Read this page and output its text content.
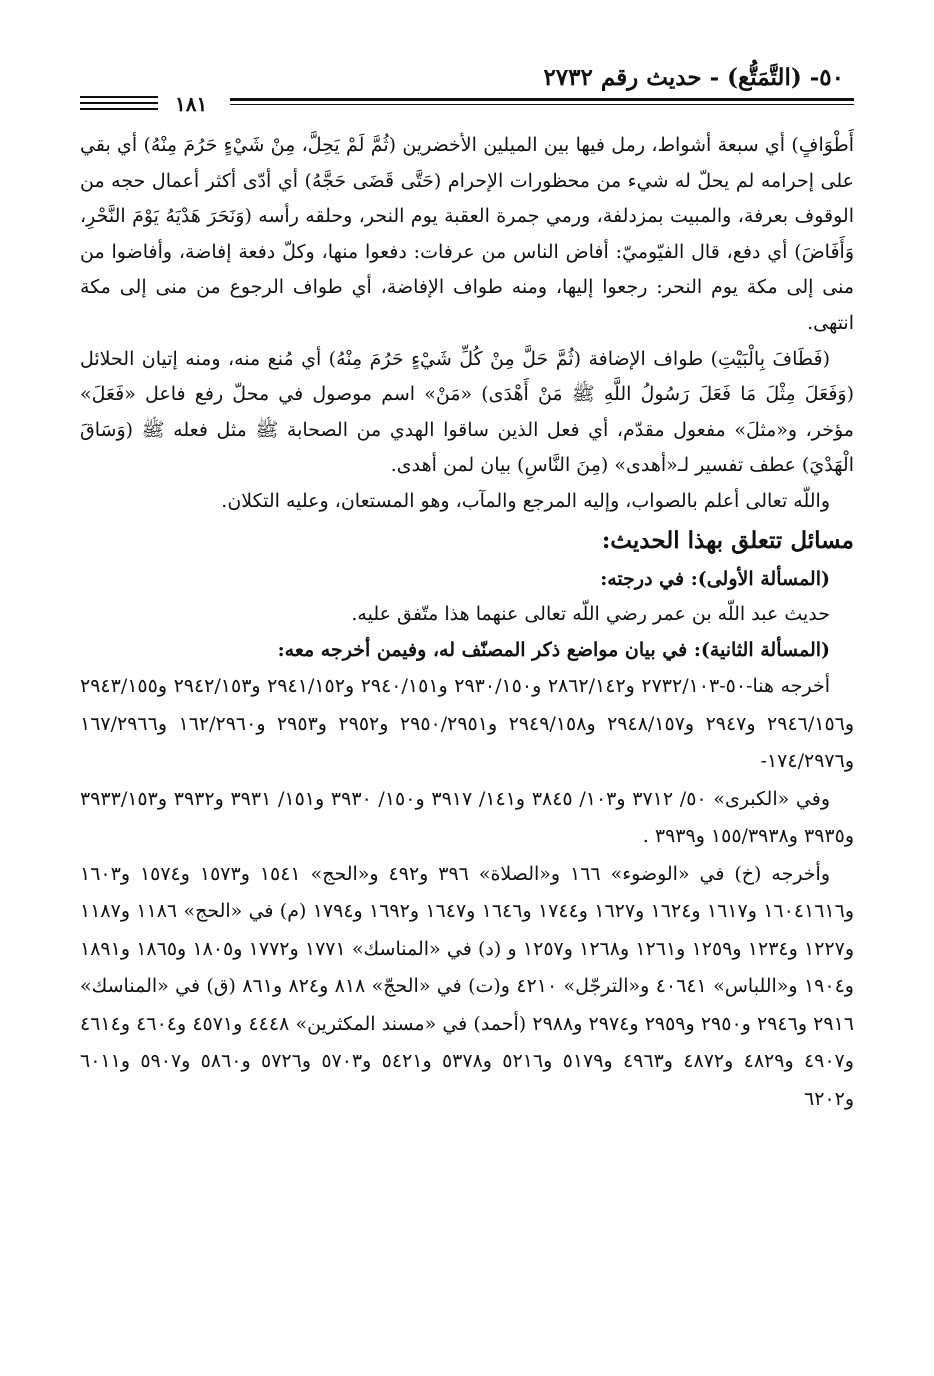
٥٠- (التَّمَتُّع) - حديث رقم ٢٧٣٢
١٨١

أَطْوَافٍ) أي سبعة أشواط، رمل فيها بين الميلين الأخضرين (ثُمَّ لَمْ يَحِلَّ، مِنْ شَيْءٍ حَرُمَ مِنْهُ) أي بقي على إحرامه لم يحلّ له شيء من محظورات الإحرام (حَتَّى قَضَى حَجَّهُ) أي أدّى أكثر أعمال حجه من الوقوف بعرفة، والمبيت بمزدلفة، ورمي جمرة العقبة يوم النحر، وحلقه رأسه (وَنَحَرَ هَدْيَهُ يَوْمَ النَّحْرِ، وَأَفَاضَ) أي دفع، قال الفيّوميّ: أفاض الناس من عرفات: دفعوا منها، وكلّ دفعة إفاضة، وأفاضوا من منى إلى مكة يوم النحر: رجعوا إليها، ومنه طواف الإفاضة، أي طواف الرجوع من منى إلى مكة انتهى.

(فَطَافَ بِالْبَيْتِ) طواف الإضافة (ثُمَّ حَلَّ مِنْ كُلِّ شَيْءٍ حَرُمَ مِنْهُ) أي مُنع منه، ومنه إتيان الحلائل (وَفَعَلَ مِثْلَ مَا فَعَلَ رَسُولُ اللَّهِ ﷺ مَنْ أَهْدَى) «مَنْ» اسم موصول في محلّ رفع فاعل «فَعَلَ» مؤخر، و«مثلَ» مفعول مقدّم، أي فعل الذين ساقوا الهدي من الصحابة ﷺ مثل فعله ﷺ (وَسَاقَ الْهَدْيَ) عطف تفسير لـ«أهدى» (مِنَ النَّاسِ) بيان لمن أهدى.

واللّه تعالى أعلم بالصواب، وإليه المرجع والمآب، وهو المستعان، وعليه التكلان.

مسائل تتعلق بهذا الحديث:

(المسألة الأولى): في درجته:

حديث عبد اللّه بن عمر رضي اللّه تعالى عنهما هذا متّفق عليه.

(المسألة الثانية): في بيان مواضع ذكر المصنّف له، وفيمن أخرجه معه:

أخرجه هنا-٥٠-٢٧٣٢/١٠٣ و٢٨٦٢/١٤٢ و٢٩٣٠/١٥٠ و٢٩٤٠/١٥١ و٢٩٤١/١٥٢ و٢٩٤٢/١٥٣ و٢٩٤٣/١٥٥ و٢٩٤٦/١٥٦ و٢٩٤٧ و٢٩٤٨/١٥٧ و٢٩٤٩/١٥٨ و٢٩٥٠/٢٩٥١ و٢٩٥٢ و٢٩٥٣ و١٦٢/٢٩٦٠ و١٦٧/٢٩٦٦ و١٧٤/٢٩٧٦-

وفي «الكبرى» ٥٠/ ٣٧١٢ و١٠٣/ ٣٨٤٥ و١٤١/ ٣٩١٧ و١٥٠/ ٣٩٣٠ و١٥١/ ٣٩٣١ و٣٩٣٢ و٣٩٣٣/١٥٣ و٣٩٣٥ و١٥٥/٣٩٣٨ و٣٩٣٩ .

وأخرجه (خ) في «الوضوء» ١٦٦ و«الصلاة» ٣٩٦ و٤٩٢ و«الحج» ١٥٤١ و١٥٧٣ و١٥٧٤ و١٦٠٣ و١٦٠٤١٦١٦ و١٦١٧ و١٦٢٤ و١٦٢٧ و١٧٤٤ و١٦٤٦ و١٦٤٧ و١٦٩٢ و١٧٩٤ (م) في «الحج» ١١٨٦ و١١٨٧ و١٢٢٧ و١٢٣٤ و١٢٥٩ و١٢٦١ و١٢٦٨ و١٢٥٧ و (د) في «المناسك» ١٧٧١ و١٧٧٢ و١٨٠٥ و١٨٦٥ و١٨٩١ و١٩٠٤ و«اللباس» ٤٠٦٤١ و«الترجّل» ٤٢١٠ و(ت) في «الحجّ» ٨١٨ و٨٢٤ و٨٦١ (ق) في «المناسك» ٢٩١٦ و٢٩٤٦ و٢٩٥٠ و٢٩٥٩ و٢٩٧٤ و٢٩٨٨ (أحمد) في «مسند المكثرين» ٤٤٤٨ و٤٥٧١ و٤٦٠٤ و٤٦١٤ و٤٩٠٧ و٤٨٢٩ و٤٨٧٢ و٤٩٦٣ و٥١٧٩ و٥٢١٦ و٥٣٧٨ و٥٤٢١ و٥٧٠٣ و٥٧٢٦ و٥٨٦٠ و٥٩٠٧ و٦٠١١ و٦٢٠٢
